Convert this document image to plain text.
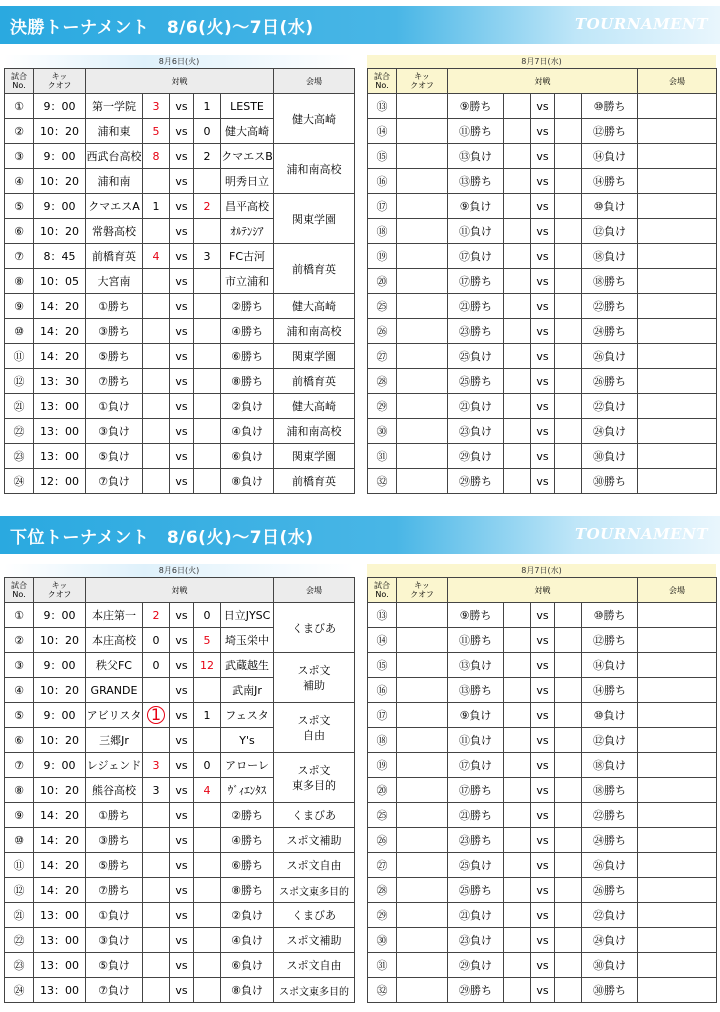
決勝トーナメント　8/6(火)〜7日(水)	TOURNAMENT
8月6日(火)	8月7日(水)
試合
No.	キッ
クオフ	対戦					会場
①	9：00	第一学院	3	vs	1	LESTE	健大高崎
②	10：20	浦和東	5	vs	0	健大高崎	
③	9：00	西武台高校	8	vs	2	クマエスB	浦和南高校
④	10：20	浦和南		vs		明秀日立	
⑤	9：00	クマエスA	1	vs	2	昌平高校	関東学園
⑥	10：20	常磐高校		vs		ｵﾙﾃﾝｼｱ	
⑦	8：45	前橋育英	4	vs	3	FC古河	前橋育英
⑧	10：05	大宮南		vs		市立浦和	
⑨	14：20	①勝ち		vs		②勝ち	健大高崎
⑩	14：20	③勝ち		vs		④勝ち	浦和南高校
⑪	14：20	⑤勝ち		vs		⑥勝ち	関東学園
⑫	13：30	⑦勝ち		vs		⑧勝ち	前橋育英
㉑	13：00	①負け		vs		②負け	健大高崎
㉒	13：00	③負け		vs		④負け	浦和南高校
㉓	13：00	⑤負け		vs		⑥負け	関東学園
㉔	12：00	⑦負け		vs		⑧負け	前橋育英
試合
No.	キッ
クオフ	対戦					会場
⑬		⑨勝ち		vs		⑩勝ち	
⑭		⑪勝ち		vs		⑫勝ち	
⑮		⑬負け		vs		⑭負け	
⑯		⑬勝ち		vs		⑭勝ち	
⑰		⑨負け		vs		⑩負け	
⑱		⑪負け		vs		⑫負け	
⑲		⑰負け		vs		⑱負け	
⑳		⑰勝ち		vs		⑱勝ち	
㉕		㉑勝ち		vs		㉒勝ち	
㉖		㉓勝ち		vs		㉔勝ち	
㉗		㉕負け		vs		㉖負け	
㉘		㉕勝ち		vs		㉖勝ち	
㉙		㉑負け		vs		㉒負け	
㉚		㉓負け		vs		㉔負け	
㉛		㉙負け		vs		㉚負け	
㉜		㉙勝ち		vs		㉚勝ち	
下位トーナメント　8/6(火)〜7日(水)	TOURNAMENT
8月6日(火)	8月7日(水)
試合
No.	キッ
クオフ	対戦					会場
①	9：00	本庄第一	2	vs	0	日立JYSC	くまびあ
②	10：20	本庄高校	0	vs	5	埼玉栄中	
③	9：00	秩父FC	0	vs	12	武蔵越生	スポ文
補助
④	10：20	GRANDE		vs		武南Jr	
⑤	9：00	アビリスタ	1	vs	1	フェスタ	スポ文
自由
⑥	10：20	三郷Jr		vs		Y's	
⑦	9：00	レジェンド	3	vs	0	アローレ	スポ文
東多目的
⑧	10：20	熊谷高校	3	vs	4	ｳﾞｨｴﾝﾀｽ	
⑨	14：20	①勝ち		vs		②勝ち	くまびあ
⑩	14：20	③勝ち		vs		④勝ち	スポ文補助
⑪	14：20	⑤勝ち		vs		⑥勝ち	スポ文自由
⑫	14：20	⑦勝ち		vs		⑧勝ち	スポ文東多目的
㉑	13：00	①負け		vs		②負け	くまびあ
㉒	13：00	③負け		vs		④負け	スポ文補助
㉓	13：00	⑤負け		vs		⑥負け	スポ文自由
㉔	13：00	⑦負け		vs		⑧負け	スポ文東多目的
試合
No.	キッ
クオフ	対戦					会場
⑬		⑨勝ち		vs		⑩勝ち	
⑭		⑪勝ち		vs		⑫勝ち	
⑮		⑬負け		vs		⑭負け	
⑯		⑬勝ち		vs		⑭勝ち	
⑰		⑨負け		vs		⑩負け	
⑱		⑪負け		vs		⑫負け	
⑲		⑰負け		vs		⑱負け	
⑳		⑰勝ち		vs		⑱勝ち	
㉕		㉑勝ち		vs		㉒勝ち	
㉖		㉓勝ち		vs		㉔勝ち	
㉗		㉕負け		vs		㉖負け	
㉘		㉕勝ち		vs		㉖勝ち	
㉙		㉑負け		vs		㉒負け	
㉚		㉓負け		vs		㉔負け	
㉛		㉙負け		vs		㉚負け	
㉜		㉙勝ち		vs		㉚勝ち	
